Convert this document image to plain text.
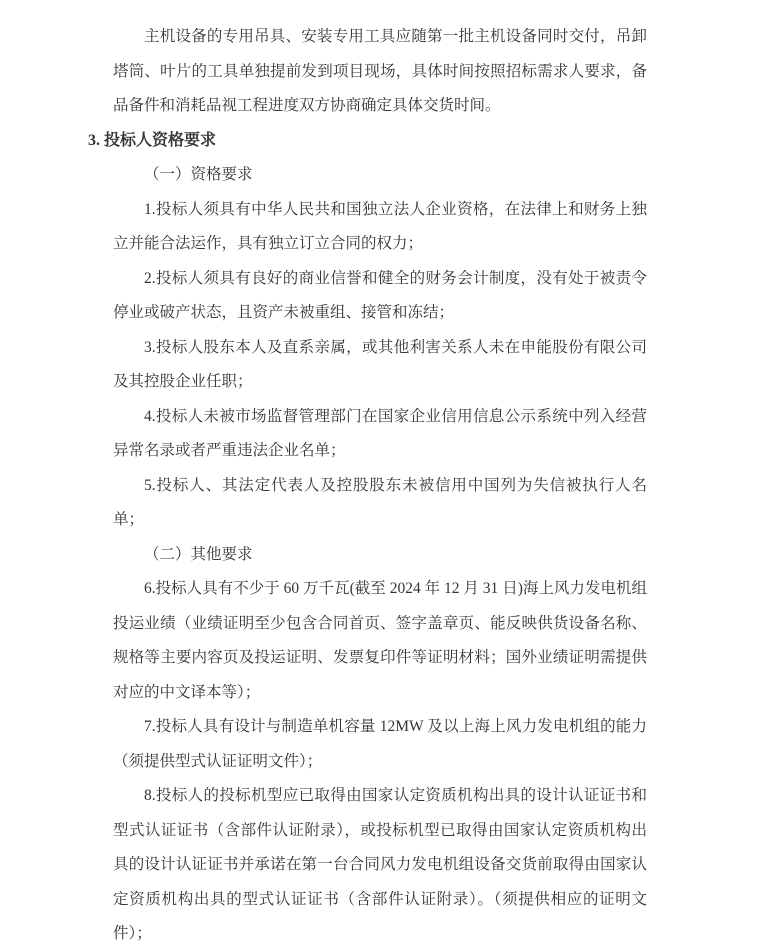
主机设备的专用吊具、安装专用工具应随第一批主机设备同时交付，吊卸塔筒、叶片的工具单独提前发到项目现场，具体时间按照招标需求人要求，备品备件和消耗品视工程进度双方协商确定具体交货时间。

3. 投标人资格要求

（一）资格要求

1.投标人须具有中华人民共和国独立法人企业资格，在法律上和财务上独立并能合法运作，具有独立订立合同的权力；

2.投标人须具有良好的商业信誉和健全的财务会计制度，没有处于被责令停业或破产状态，且资产未被重组、接管和冻结；

3.投标人股东本人及直系亲属，或其他利害关系人未在申能股份有限公司及其控股企业任职；

4.投标人未被市场监督管理部门在国家企业信用信息公示系统中列入经营异常名录或者严重违法企业名单；

5.投标人、其法定代表人及控股股东未被信用中国列为失信被执行人名单；

（二）其他要求

6.投标人具有不少于 60 万千瓦(截至 2024 年 12 月 31 日)海上风力发电机组投运业绩（业绩证明至少包含合同首页、签字盖章页、能反映供货设备名称、规格等主要内容页及投运证明、发票复印件等证明材料；国外业绩证明需提供对应的中文译本等）；

7.投标人具有设计与制造单机容量 12MW 及以上海上风力发电机组的能力（须提供型式认证证明文件）；

8.投标人的投标机型应已取得由国家认定资质机构出具的设计认证证书和型式认证证书（含部件认证附录），或投标机型已取得由国家认定资质机构出具的设计认证证书并承诺在第一台合同风力发电机组设备交货前取得由国家认定资质机构出具的型式认证证书（含部件认证附录）。（须提供相应的证明文件）；
